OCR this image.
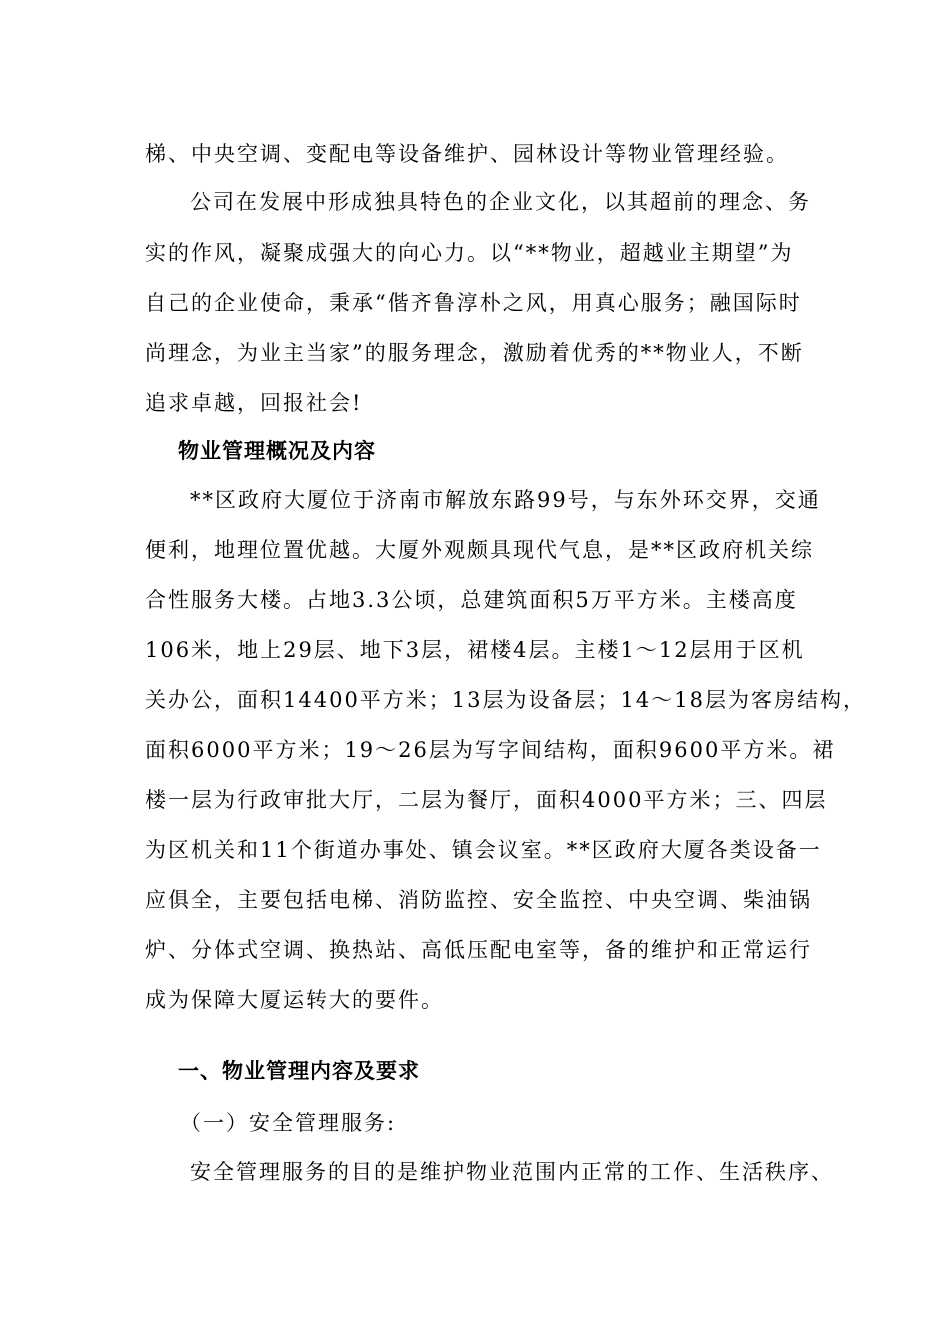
梯、中央空调、变配电等设备维护、园林设计等物业管理经验。
公司在发展中形成独具特色的企业文化，以其超前的理念、务
实的作风，凝聚成强大的向心力。以“**物业，超越业主期望”为
自己的企业使命，秉承“偕齐鲁淳朴之风，用真心服务；融国际时
尚理念，为业主当家”的服务理念，激励着优秀的**物业人，不断
追求卓越，回报社会!
物业管理概况及内容
**区政府大厦位于济南市解放东路99号，与东外环交界，交通
便利，地理位置优越。大厦外观颇具现代气息，是**区政府机关综
合性服务大楼。占地3.3公顷，总建筑面积5万平方米。主楼高度
106米，地上29层、地下3层，裙楼4层。主楼1～12层用于区机
关办公，面积14400平方米；13层为设备层；14～18层为客房结构，
面积6000平方米；19～26层为写字间结构，面积9600平方米。裙
楼一层为行政审批大厅，二层为餐厅，面积4000平方米；三、四层
为区机关和11个街道办事处、镇会议室。**区政府大厦各类设备一
应俱全，主要包括电梯、消防监控、安全监控、中央空调、柴油锅
炉、分体式空调、换热站、高低压配电室等，备的维护和正常运行
成为保障大厦运转大的要件。
一、物业管理内容及要求
（一）安全管理服务:
安全管理服务的目的是维护物业范围内正常的工作、生活秩序、
